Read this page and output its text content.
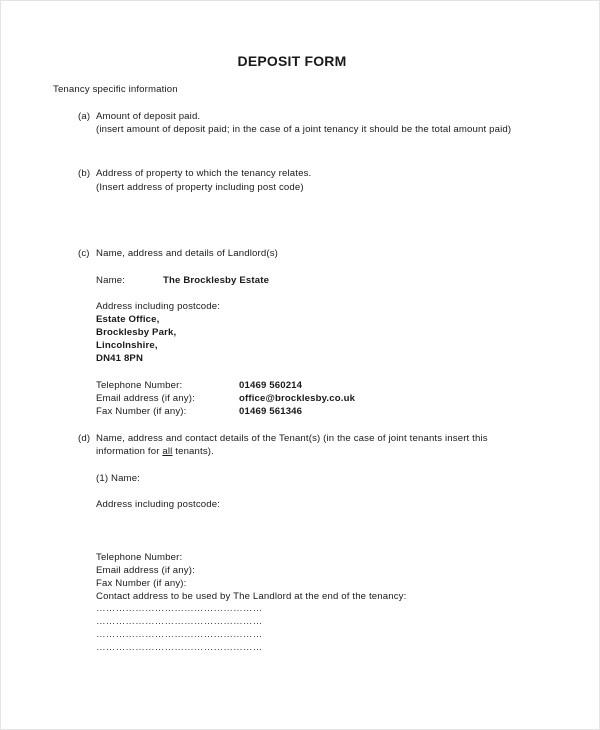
DEPOSIT FORM
Tenancy specific information
(a) Amount of deposit paid.
(insert amount of deposit paid; in the case of a joint tenancy it should be the total amount paid)
(b) Address of property to which the tenancy relates.
(Insert address of property including post code)
(c) Name, address and details of Landlord(s)
Name:	The Brocklesby Estate
Address including postcode:
Estate Office,
Brocklesby Park,
Lincolnshire,
DN41 8PN
Telephone Number:	01469 560214
Email address (if any):	office@brocklesby.co.uk
Fax Number (if any):	01469 561346
(d) Name, address and contact details of the Tenant(s) (in the case of joint tenants insert this
information for all tenants).
(1) Name:
Address including postcode:
Telephone Number:
Email address (if any):
Fax Number (if any):
Contact address to be used by The Landlord at the end of the tenancy:
……………………………………………
……………………………………………
……………………………………………
……………………………………………
